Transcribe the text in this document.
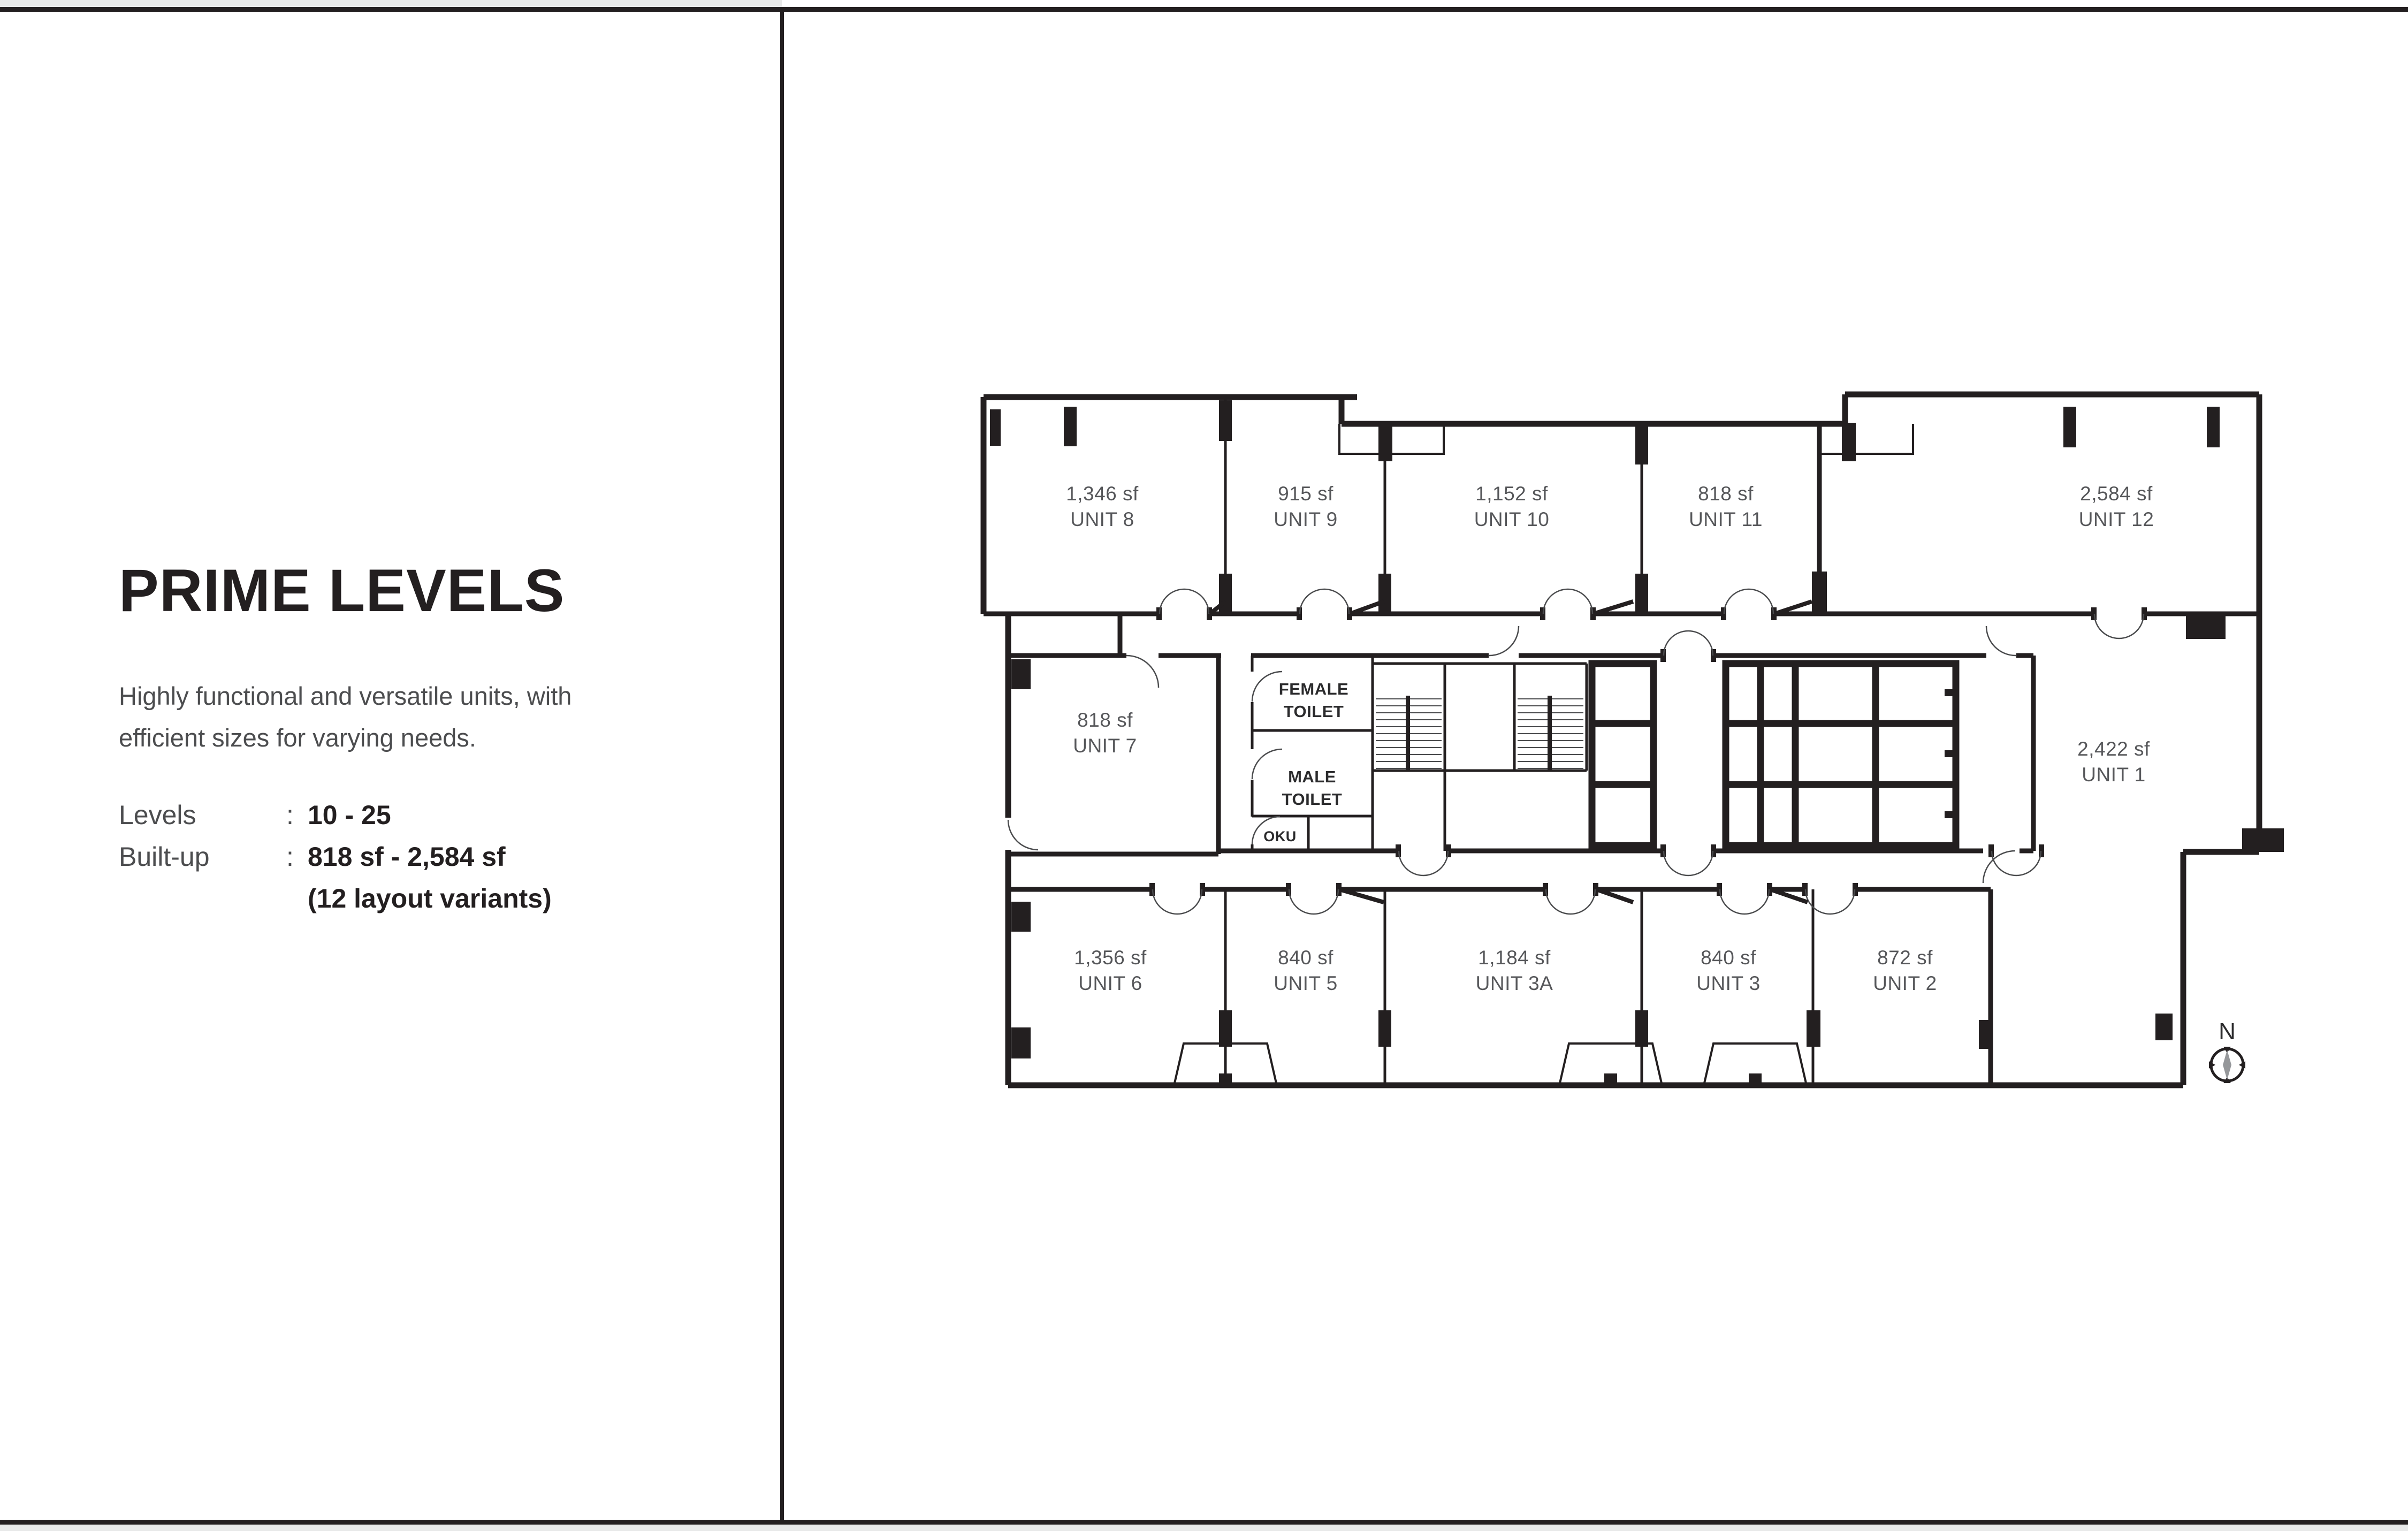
PRIME LEVELS
Highly functional and versatile units, with
efficient sizes for varying needs.
Levels	: 10 - 25
Built-up	: 818 sf - 2,584 sf
(12 layout variants)
1,346 sf
UNIT 8
915 sf
UNIT 9
1,152 sf
UNIT 10
818 sf
UNIT 11
2,584 sf
UNIT 12
818 sf
UNIT 7	2,422 sf
UNIT 1
1,356 sf
UNIT 6
840 sf
UNIT 5
1,184 sf
UNIT 3A
840 sf
UNIT 3
872 sf
UNIT 2
FEMALE
TOILET
MALE
TOILET
OKU
N
